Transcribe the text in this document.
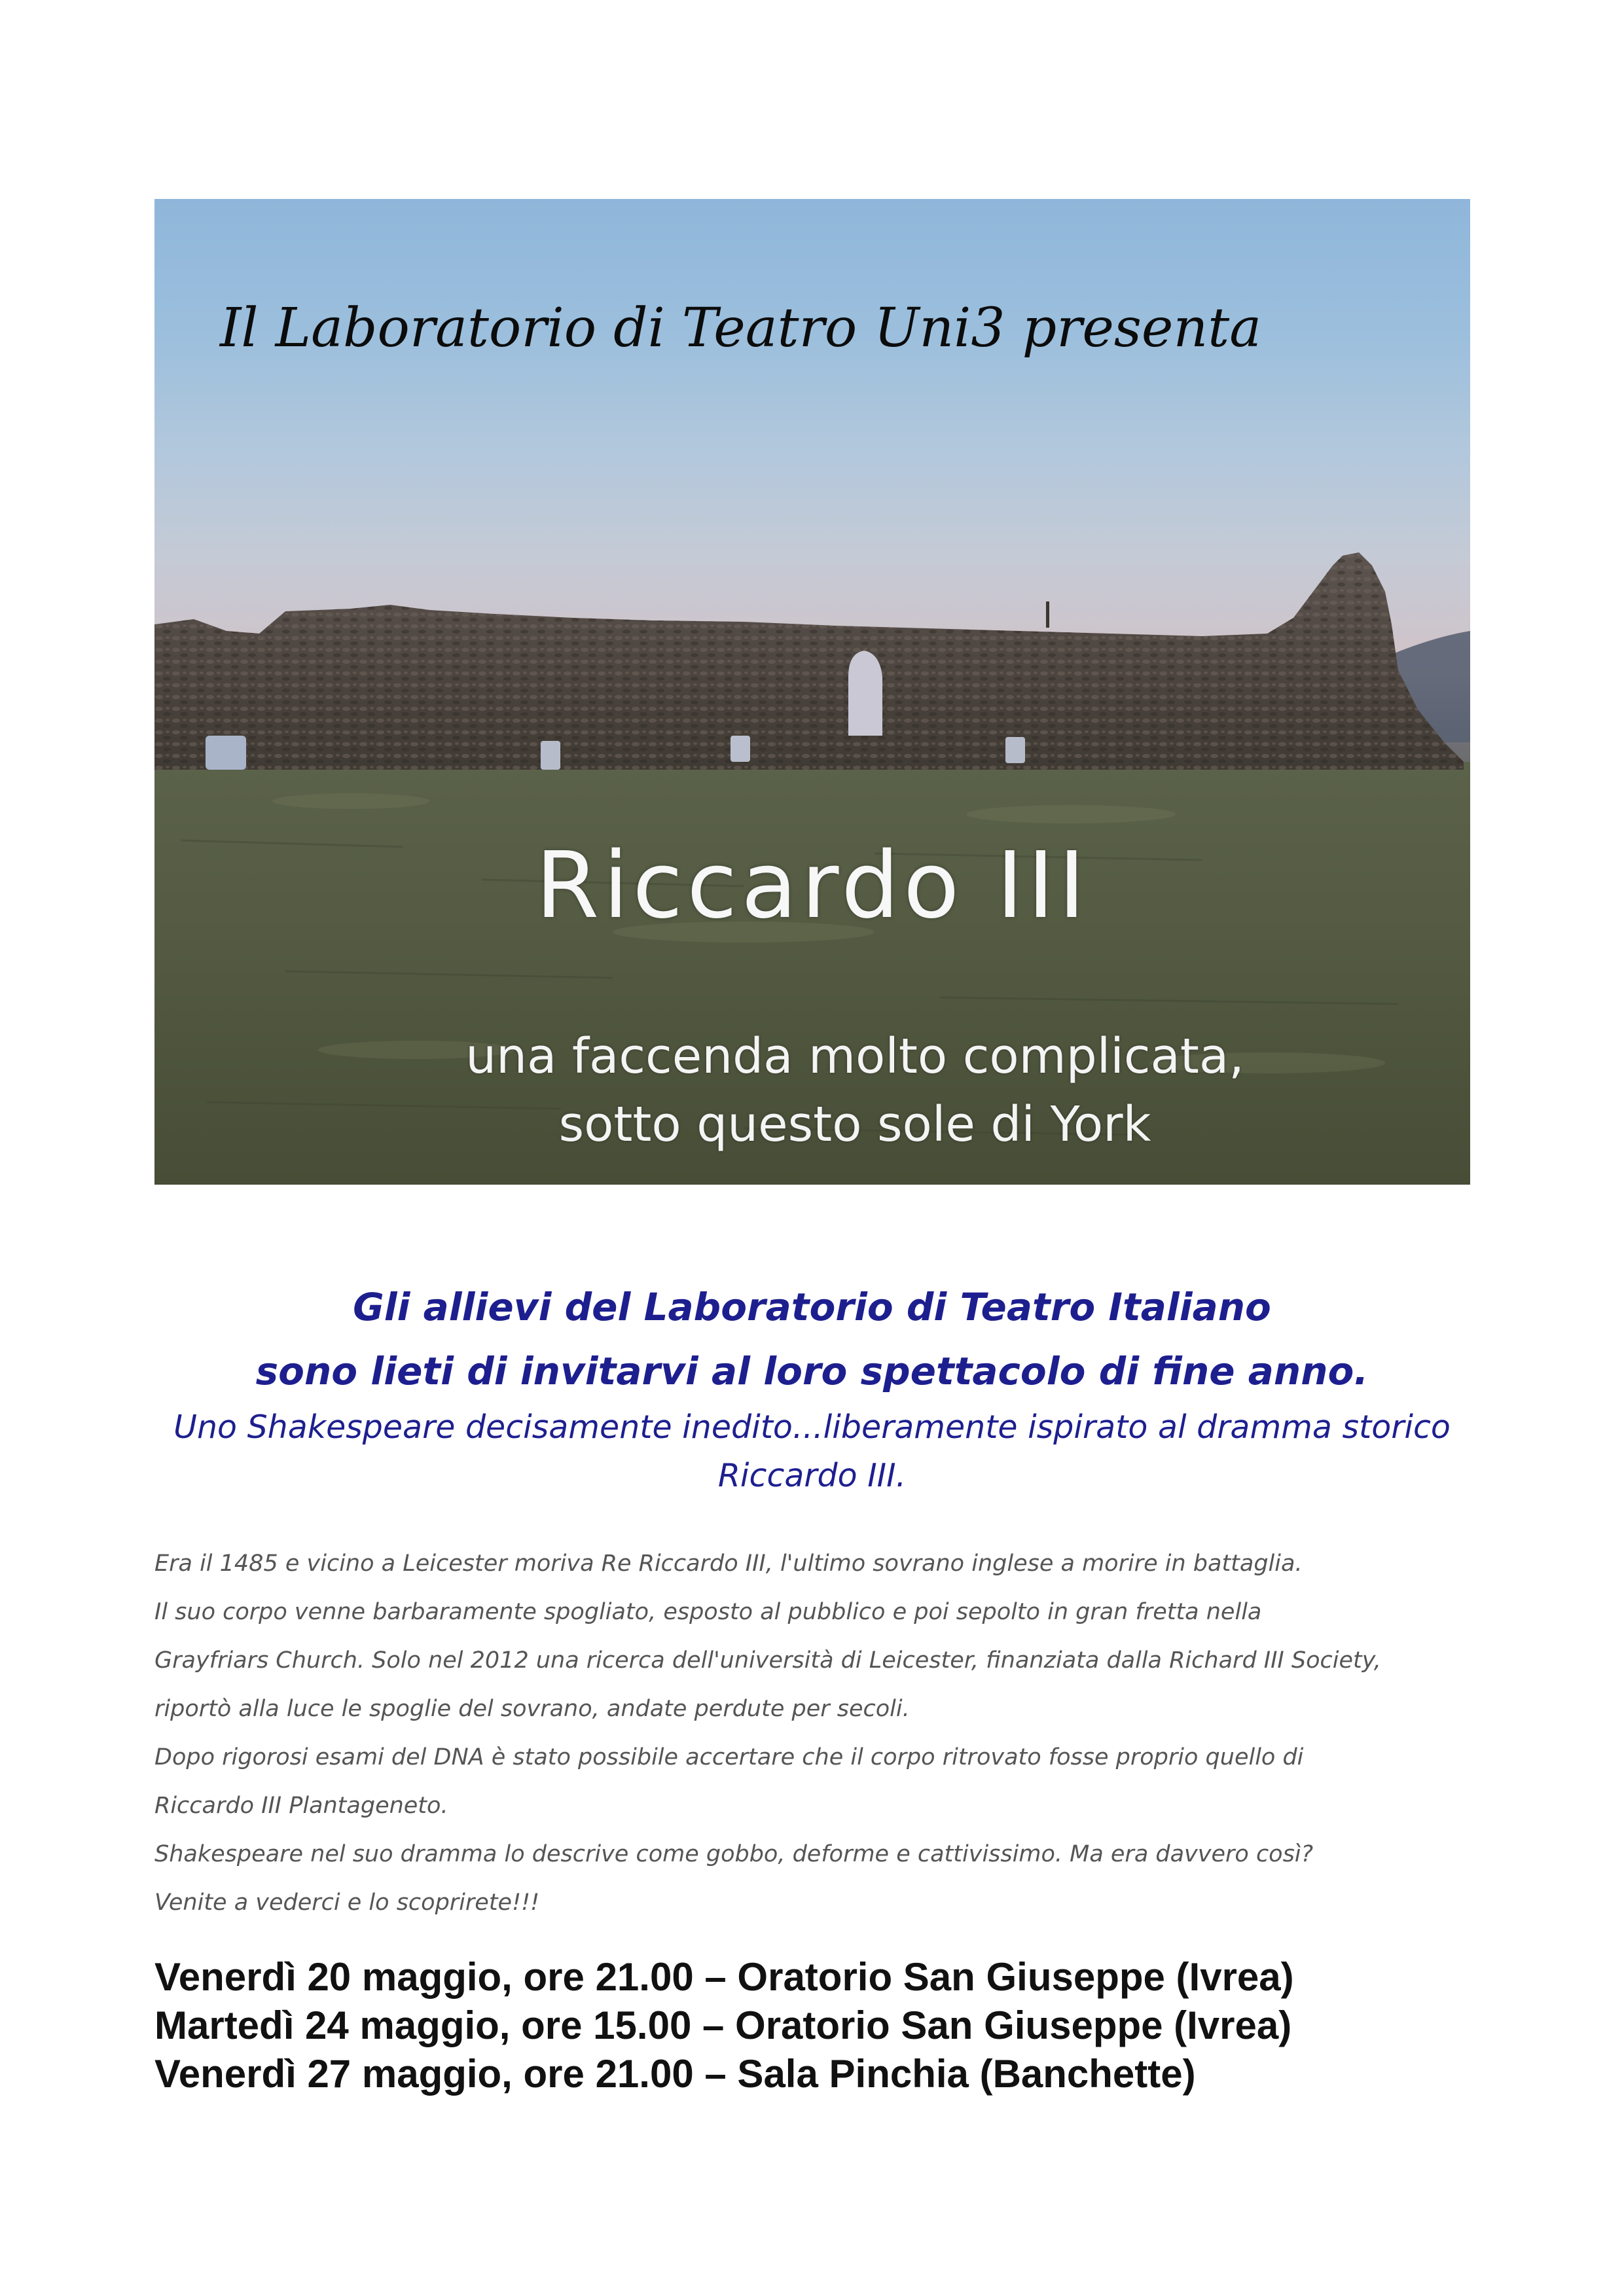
Il Laboratorio di Teatro Uni3 presenta
Riccardo III
una faccenda molto complicata,
sotto questo sole di York
Gli allievi del Laboratorio di Teatro Italiano
sono lieti di invitarvi al loro spettacolo di fine anno.
Uno Shakespeare decisamente inedito...liberamente ispirato al dramma storico
Riccardo III.
Era il 1485 e vicino a Leicester moriva Re Riccardo III, l'ultimo sovrano inglese a morire in battaglia.
Il suo corpo venne barbaramente spogliato, esposto al pubblico e poi sepolto in gran fretta nella
Grayfriars Church. Solo nel 2012 una ricerca dell'università di Leicester, finanziata dalla Richard III Society,
riportò alla luce le spoglie del sovrano, andate perdute per secoli.
Dopo rigorosi esami del DNA è stato possibile accertare che il corpo ritrovato fosse proprio quello di
Riccardo III Plantageneto.
Shakespeare nel suo dramma lo descrive come gobbo, deforme e cattivissimo. Ma era davvero così?
Venite a vederci e lo scoprirete!!!
Venerdì 20 maggio, ore 21.00 – Oratorio San Giuseppe (Ivrea)
Martedì 24 maggio, ore 15.00 – Oratorio San Giuseppe (Ivrea)
Venerdì 27 maggio, ore 21.00 – Sala Pinchia (Banchette)
